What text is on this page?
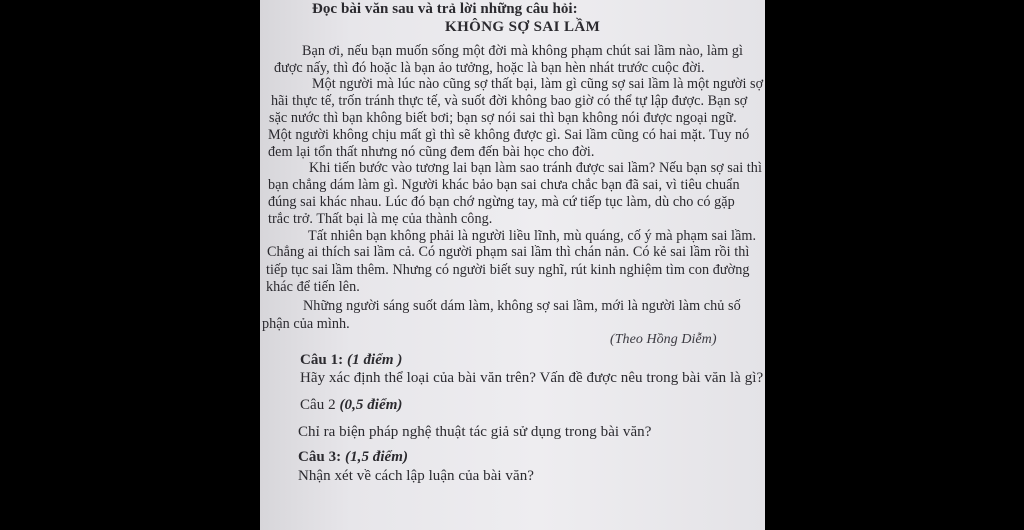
Đọc bài văn sau và trả lời những câu hỏi:
KHÔNG SỢ SAI LẦM
Bạn ơi, nếu bạn muốn sống một đời mà không phạm chút sai lầm nào, làm gì
được nấy, thì đó hoặc là bạn ảo tưởng, hoặc là bạn hèn nhát trước cuộc đời.
Một người mà lúc nào cũng sợ thất bại, làm gì cũng sợ sai lầm là một người sợ
hãi thực tế, trốn tránh thực tế, và suốt đời không bao giờ có thể tự lập được. Bạn sợ
sặc nước thì bạn không biết bơi; bạn sợ nói sai thì bạn không nói được ngoại ngữ.
Một người không chịu mất gì thì sẽ không được gì. Sai lầm cũng có hai mặt. Tuy nó
đem lại tổn thất nhưng nó cũng đem đến bài học cho đời.
Khi tiến bước vào tương lai bạn làm sao tránh được sai lầm? Nếu bạn sợ sai thì
bạn chẳng dám làm gì. Người khác bảo bạn sai chưa chắc bạn đã sai, vì tiêu chuẩn
đúng sai khác nhau. Lúc đó bạn chớ ngừng tay, mà cứ tiếp tục làm, dù cho có gặp
trắc trở. Thất bại là mẹ của thành công.
Tất nhiên bạn không phải là người liều lĩnh, mù quáng, cố ý mà phạm sai lầm.
Chẳng ai thích sai lầm cả. Có người phạm sai lầm thì chán nản. Có kẻ sai lầm rồi thì
tiếp tục sai lầm thêm. Nhưng có người biết suy nghĩ, rút kinh nghiệm tìm con đường
khác để tiến lên.
Những người sáng suốt dám làm, không sợ sai lầm, mới là người làm chủ số
phận của mình.
(Theo Hồng Diễm)
Câu 1: (1 điểm )
Hãy xác định thể loại của bài văn trên? Vấn đề được nêu trong bài văn là gì?
Câu 2 (0,5 điểm)
Chỉ ra biện pháp nghệ thuật tác giả sử dụng trong bài văn?
Câu 3: (1,5 điểm)
Nhận xét về cách lập luận của bài văn?
